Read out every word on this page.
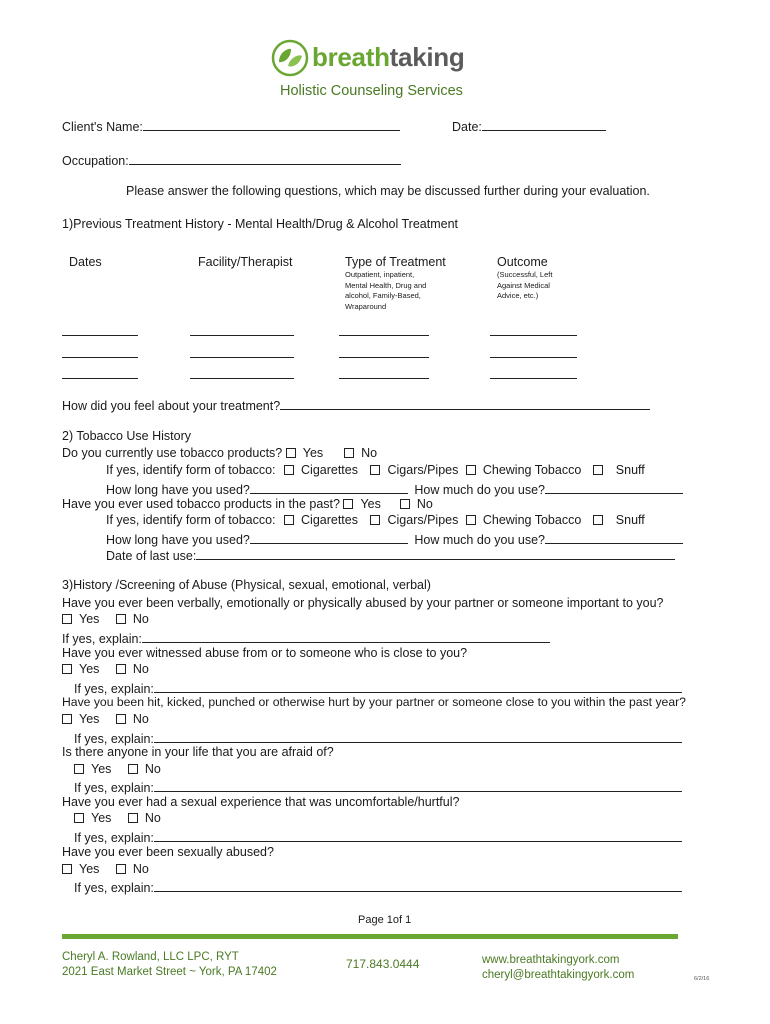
breathtaking
Holistic Counseling Services
Client's Name:	Date:
Occupation:
Please answer the following questions, which may be discussed further during your evaluation.
1)Previous Treatment History - Mental Health/Drug & Alcohol Treatment
Dates	Facility/Therapist	Type of Treatment	Outcome
Outpatient, inpatient, Mental Health, Drug and alcohol, Family-Based, Wraparound
(Successful, Left Against Medical Advice, etc.)
How did you feel about your treatment?
2) Tobacco Use History
Do you currently use tobacco products? Yes	No
If yes, identify form of tobacco: Cigarettes Cigars/Pipes Chewing Tobacco	Snuff
How long have you used?	How much do you use?
Have you ever used tobacco products in the past? Yes	No
If yes, identify form of tobacco: Cigarettes Cigars/Pipes Chewing Tobacco	Snuff
How long have you used?	How much do you use?
Date of last use:
3)History /Screening of Abuse (Physical, sexual, emotional, verbal)
Have you ever been verbally, emotionally or physically abused by your partner or someone important to you?
Yes	No
If yes, explain:
Have you ever witnessed abuse from or to someone who is close to you?
Yes	No
If yes, explain:
Have you been hit, kicked, punched or otherwise hurt by your partner or someone close to you within the past year?
Yes	No
If yes, explain:
Is there anyone in your life that you are afraid of?
Yes	No
If yes, explain:
Have you ever had a sexual experience that was uncomfortable/hurtful?
Yes	No
If yes, explain:
Have you ever been sexually abused?
Yes	No
If yes, explain:
Page 1of 1
Cheryl A. Rowland, LLC LPC, RYT
2021 East Market Street ~ York, PA 17402
717.843.0444	www.breathtakingyork.com
cheryl@breathtakingyork.com	6/2/16
